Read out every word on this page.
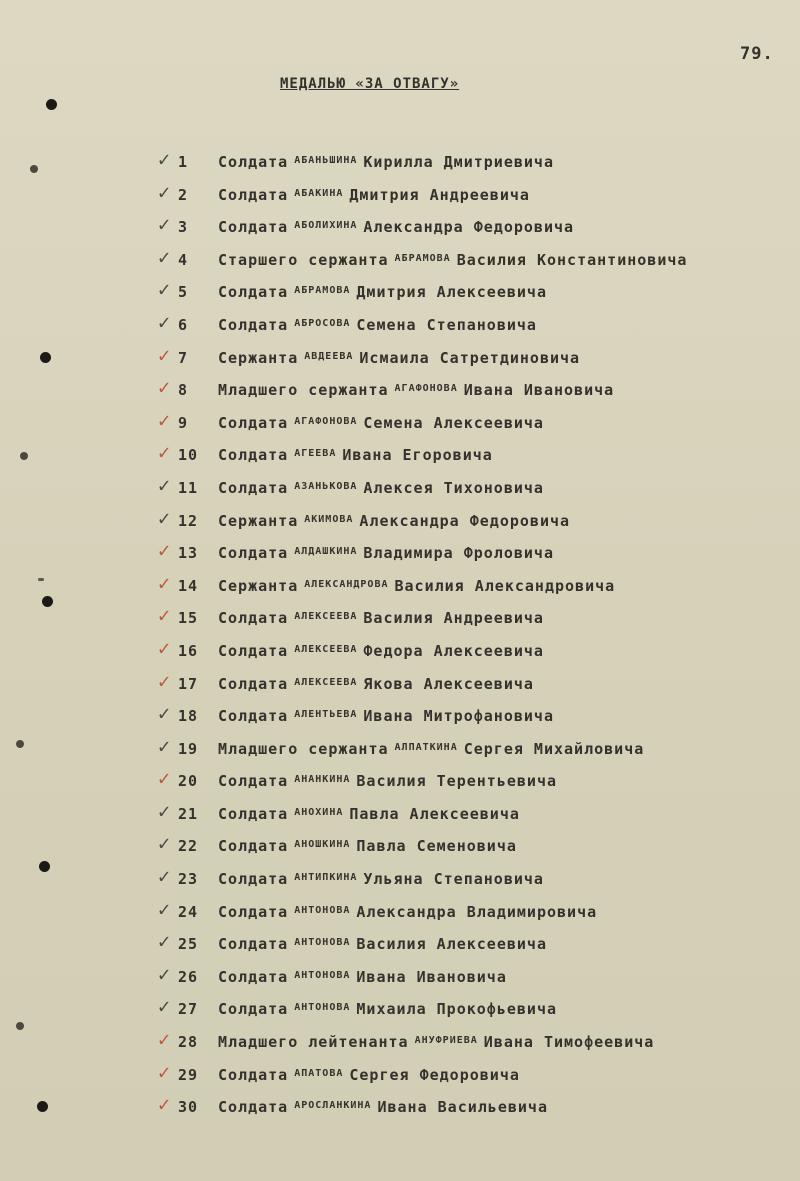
79.
МЕДАЛЬЮ «ЗА ОТВАГУ»
✓ 1	Солдата $^{АБАНЬШИНА}$ Кирилла Дмитриевича
✓ 2	Солдата $^{АБАКИНА}$ Дмитрия Андреевича
✓ 3	Солдата $^{АБОЛИХИНА}$ Александра Федоровича
✓ 4	Старшего сержанта $^{АБРАМОВА}$ Василия Константиновича
✓ 5	Солдата $^{АБРАМОВА}$ Дмитрия Алексеевича
✓ 6	Солдата $^{АБРОСОВА}$ Семена Степановича
✓ 7	Сержанта $^{АВДЕЕВА}$ Исмаила Сатретдиновича
✓ 8	Младшего сержанта $^{АГАФОНОВА}$ Ивана Ивановича
✓ 9	Солдата $^{АГАФОНОВА}$ Семена Алексеевича
✓ 10	Солдата $^{АГЕЕВА}$ Ивана Егоровича
✓ 11	Солдата $^{АЗАНЬКОВА}$ Алексея Тихоновича
✓ 12	Сержанта $^{АКИМОВА}$ Александра Федоровича
✓ 13	Солдата $^{АЛДАШКИНА}$ Владимира Фроловича
✓ 14	Сержанта $^{АЛЕКСАНДРОВА}$ Василия Александровича
✓ 15	Солдата $^{АЛЕКСЕЕВА}$ Василия Андреевича
✓ 16	Солдата $^{АЛЕКСЕЕВА}$ Федора Алексеевича
✓ 17	Солдата $^{АЛЕКСЕЕВА}$ Якова Алексеевича
✓ 18	Солдата $^{АЛЕНТЬЕВА}$ Ивана Митрофановича
✓ 19	Младшего сержанта $^{АЛПАТКИНА}$ Сергея Михайловича
✓ 20	Солдата $^{АНАНКИНА}$ Василия Терентьевича
✓ 21	Солдата $^{АНОХИНА}$ Павла Алексеевича
✓ 22	Солдата $^{АНОШКИНА}$ Павла Семеновича
✓ 23	Солдата $^{АНТИПКИНА}$ Ульяна Степановича
✓ 24	Солдата $^{АНТОНОВА}$ Александра Владимировича
✓ 25	Солдата $^{АНТОНОВА}$ Василия Алексеевича
✓ 26	Солдата $^{АНТОНОВА}$ Ивана Ивановича
✓ 27	Солдата $^{АНТОНОВА}$ Михаила Прокофьевича
✓ 28	Младшего лейтенанта $^{АНУФРИЕВА}$ Ивана Тимофеевича
✓ 29	Солдата $^{АПАТОВА}$ Сергея Федоровича
✓ 30	Солдата $^{АРОСЛАНКИНА}$ Ивана Васильевича
